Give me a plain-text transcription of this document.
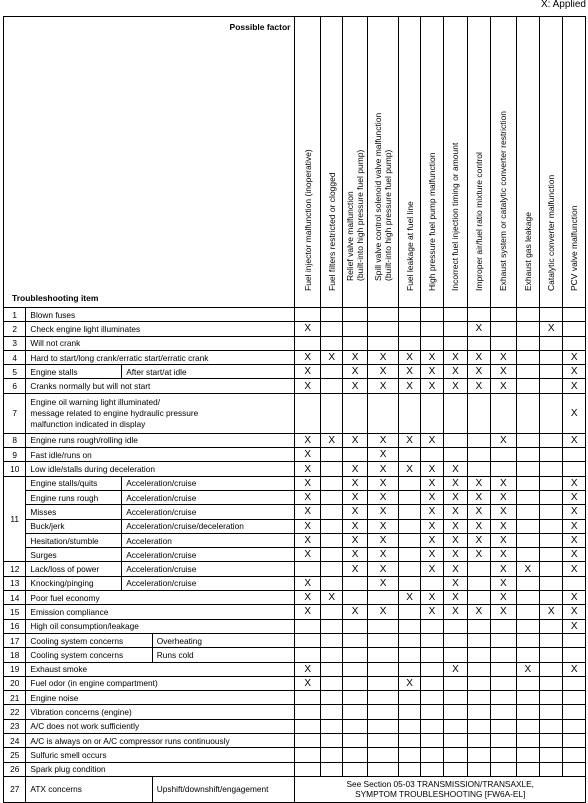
X: Applied
Possible factor
Troubleshooting item				Fuel injector malfunction (inoperative)	Fuel filters restricted or clogged	Relief valve malfunction
(built-into high pressure fuel pump)	Spill valve control solenoid valve malfunction
(built-into high pressure fuel pump)	Fuel leakage at fuel line	High pressure fuel pump malfunction	Incorrect fuel injection timing or amount	Improper air/fuel ratio mixture control	Exhaust system or catalytic converter restriction	Exhaust gas leakage	Catalytic converter malfunction	PCV valve malfunction

1	Blown fuses														
2	Check engine light illuminates			X							X			X	
3	Will not crank														
4	Hard to start/long crank/erratic start/erratic crank			X	X	X	X	X	X	X	X	X			X
5	Engine stalls	After start/at idle		X		X	X	X	X	X	X	X			X
6	Cranks normally but will not start			X		X	X	X	X	X	X	X			X
7	Engine oil warning light illuminated/
message related to engine hydraulic pressure
malfunction indicated in display														X
8	Engine runs rough/rolling idle			X	X	X	X	X	X			X			X
9	Fast idle/runs on			X			X								
10	Low idle/stalls during deceleration			X		X	X	X	X	X					
11	Engine stalls/quits	Acceleration/cruise		X		X	X		X	X	X	X			X
	Engine runs rough	Acceleration/cruise		X		X	X		X	X	X	X			X
	Misses	Acceleration/cruise		X		X	X		X	X	X	X			X
	Buck/jerk	Acceleration/cruise/deceleration		X		X	X		X	X	X	X			X
	Hesitation/stumble	Acceleration		X		X	X		X	X	X	X			X
	Surges	Acceleration/cruise		X		X	X		X	X	X	X			X
12	Lack/loss of power	Acceleration/cruise				X	X		X	X		X	X		X
13	Knocking/pinging	Acceleration/cruise		X			X			X		X			
14	Poor fuel economy			X	X			X	X	X		X			X
15	Emission compliance			X		X	X		X	X	X	X		X	X
16	High oil consumption/leakage														X
17	Cooling system concerns		Overheating												
18	Cooling system concerns		Runs cold												
19	Exhaust smoke			X						X			X		X
20	Fuel odor (in engine compartment)			X				X							
21	Engine noise														
22	Vibration concerns (engine)														
23	A/C does not work sufficiently														
24	A/C is always on or A/C compressor runs continuously														
25	Sulfuric smell occurs														
26	Spark plug condition														
27	ATX concerns		Upshift/downshift/engagement	See Section 05-03 TRANSMISSION/TRANSAXLE,
SYMPTOM TROUBLESHOOTING [FW6A-EL]											
